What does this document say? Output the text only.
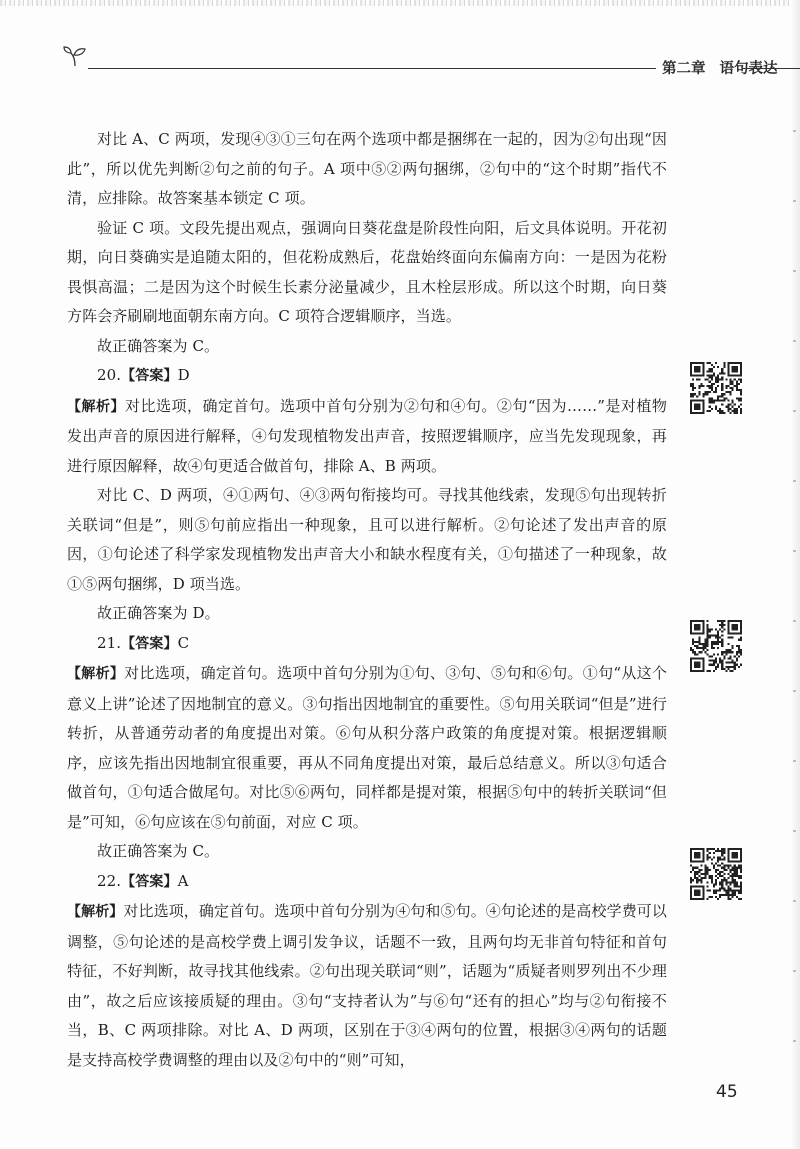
第二章 语句表达

对比 A、C 两项，发现④③①三句在两个选项中都是捆绑在一起的，因为②句出现“因此”，所以优先判断②句之前的句子。A 项中⑤②两句捆绑，②句中的“这个时期”指代不清，应排除。故答案基本锁定 C 项。

验证 C 项。文段先提出观点，强调向日葵花盘是阶段性向阳，后文具体说明。开花初期，向日葵确实是追随太阳的，但花粉成熟后，花盘始终面向东偏南方向：一是因为花粉畏惧高温；二是因为这个时候生长素分泌量减少，且木栓层形成。所以这个时期，向日葵方阵会齐刷刷地面朝东南方向。C 项符合逻辑顺序，当选。

故正确答案为 C。

20.【答案】D

【解析】对比选项，确定首句。选项中首句分别为②句和④句。②句“因为……”是对植物发出声音的原因进行解释，④句发现植物发出声音，按照逻辑顺序，应当先发现现象，再进行原因解释，故④句更适合做首句，排除 A、B 两项。

对比 C、D 两项，④①两句、④③两句衔接均可。寻找其他线索，发现⑤句出现转折关联词“但是”，则⑤句前应指出一种现象，且可以进行解析。②句论述了发出声音的原因，①句论述了科学家发现植物发出声音大小和缺水程度有关，①句描述了一种现象，故①⑤两句捆绑，D 项当选。

故正确答案为 D。

21.【答案】C

【解析】对比选项，确定首句。选项中首句分别为①句、③句、⑤句和⑥句。①句“从这个意义上讲”论述了因地制宜的意义。③句指出因地制宜的重要性。⑤句用关联词“但是”进行转折，从普通劳动者的角度提出对策。⑥句从积分落户政策的角度提对策。根据逻辑顺序，应该先指出因地制宜很重要，再从不同角度提出对策，最后总结意义。所以③句适合做首句，①句适合做尾句。对比⑤⑥两句，同样都是提对策，根据⑤句中的转折关联词“但是”可知，⑥句应该在⑤句前面，对应 C 项。

故正确答案为 C。

22.【答案】A

【解析】对比选项，确定首句。选项中首句分别为④句和⑤句。④句论述的是高校学费可以调整，⑤句论述的是高校学费上调引发争议，话题不一致，且两句均无非首句特征和首句特征，不好判断，故寻找其他线索。②句出现关联词“则”，话题为“质疑者则罗列出不少理由”，故之后应该接质疑的理由。③句“支持者认为”与⑥句“还有的担心”均与②句衔接不当，B、C 两项排除。对比 A、D 两项，区别在于③④两句的位置，根据③④两句的话题是支持高校学费调整的理由以及②句中的“则”可知，

45
